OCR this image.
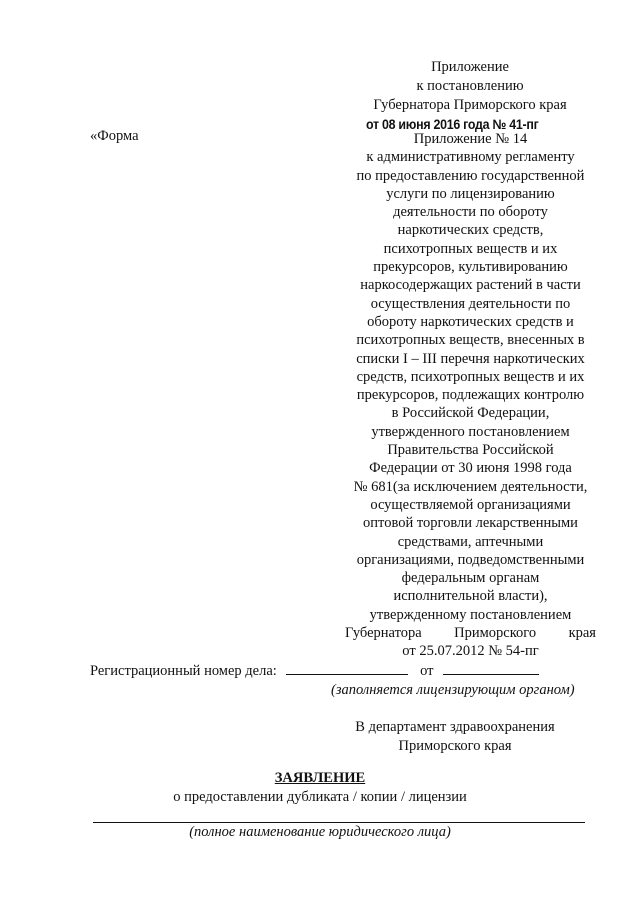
Приложение
к постановлению
Губернатора Приморского края
от 08 июня 2016 года № 41-пг
«Форма	Приложение № 14
к административному регламенту
по предоставлению государственной
услуги по лицензированию
деятельности по обороту
наркотических средств,
психотропных веществ и их
прекурсоров, культивированию
наркосодержащих растений в части
осуществления деятельности по
обороту наркотических средств и
психотропных веществ, внесенных в
списки I – III перечня наркотических
средств, психотропных веществ и их
прекурсоров, подлежащих контролю
в Российской Федерации,
утвержденного постановлением
Правительства Российской
Федерации от 30 июня 1998 года
№ 681(за исключением деятельности,
осуществляемой организациями
оптовой торговли лекарственными
средствами, аптечными
организациями, подведомственными
федеральным органам
исполнительной власти),
утвержденному постановлением
Губернатора Приморского края
от 25.07.2012 № 54-пг
Регистрационный номер дела:	от
(заполняется лицензирующим органом)
В департамент здравоохранения
Приморского края
ЗАЯВЛЕНИЕ
о предоставлении дубликата / копии / лицензии
(полное наименование юридического лица)
